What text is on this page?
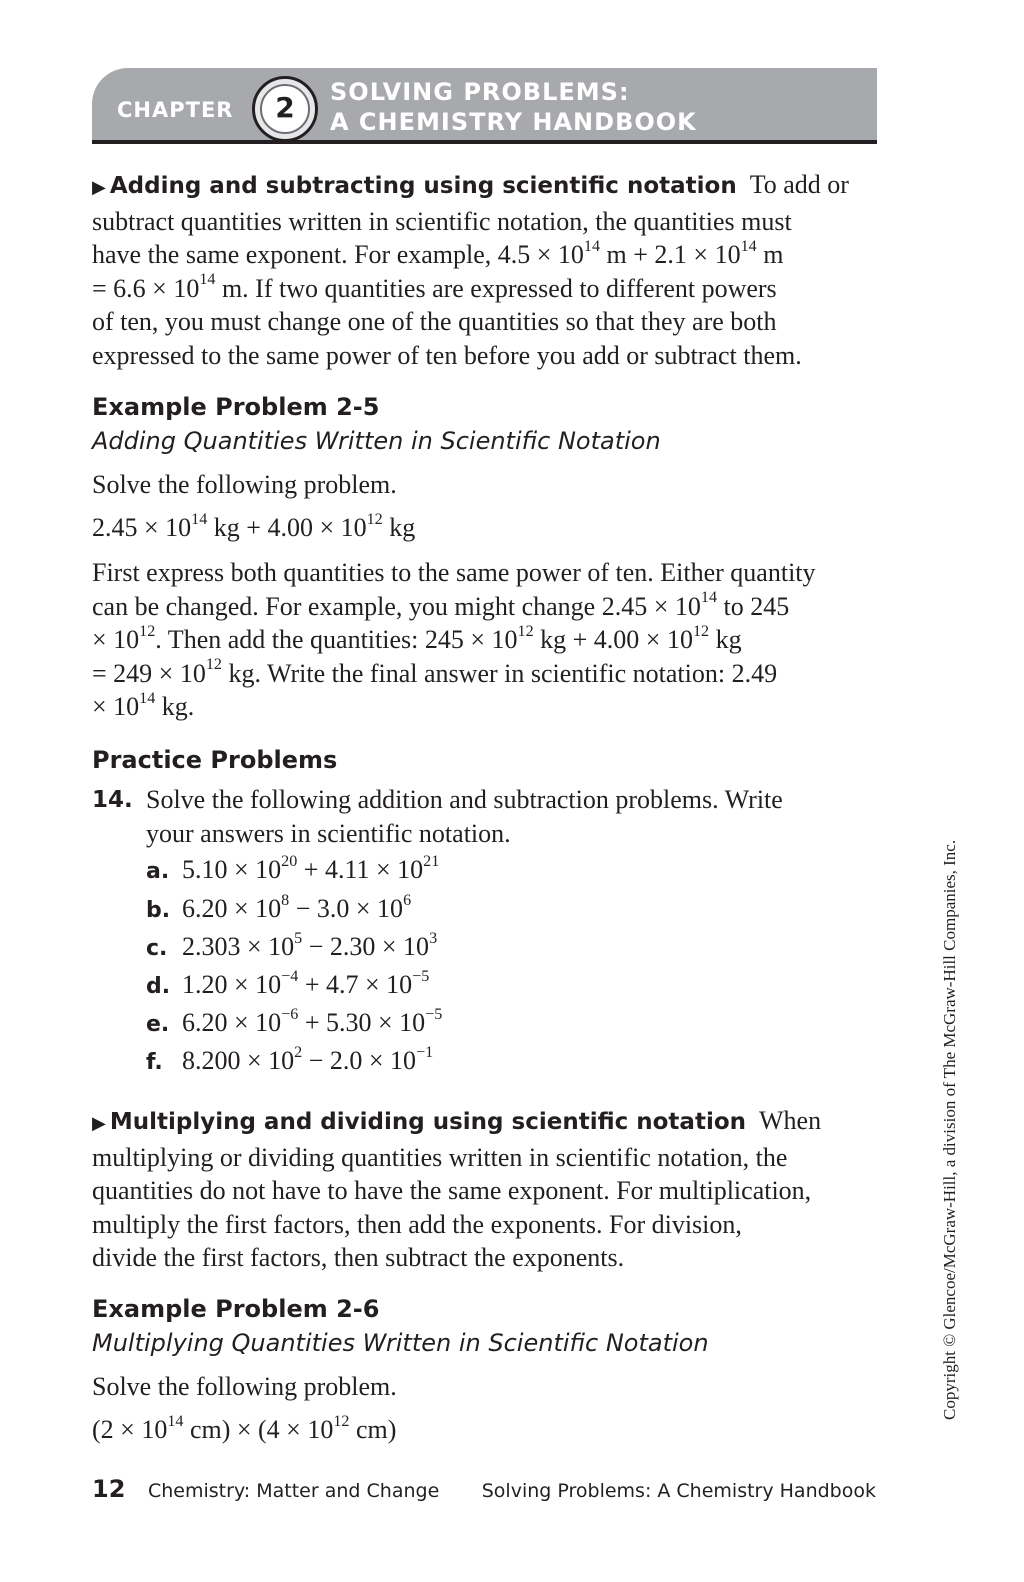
CHAPTER	2	SOLVING PROBLEMS:
A CHEMISTRY HANDBOOK
▶ Adding and subtracting using scientific notation To add or
subtract quantities written in scientific notation, the quantities must
have the same exponent. For example, $4.5 \times 10^{14}$ $m + 2.1 \times 10^{14}$ m
= $6.6 \times 10^{14}$ m. If two quantities are expressed to different powers
of ten, you must change one of the quantities so that they are both
expressed to the same power of ten before you add or subtract them.
Example Problem 2-5
Adding Quantities Written in Scientific Notation
Solve the following problem.
$2.45 \times 10^{14}$ kg + $4.00 \times 10^{12}$ kg
First express both quantities to the same power of ten. Either quantity
can be changed. For example, you might change $2.45 \times 10^{14}$ to 245
× $10^{12}$. Then add the quantities: $245 \times 10^{12}$ kg + $4.00 \times 10^{12}$ kg
= $249 \times 10^{12}$ kg. Write the final answer in scientific notation: 2.49
× $10^{14}$ kg.
Practice Problems
14. Solve the following addition and subtraction problems. Write
your answers in scientific notation.
a. $5.10 \times 10^{20} + 4.11 \times 10^{21}$
b. $6.20 \times 10^8 - 3.0 \times 10^6$
c. $2.303 \times 10^5 - 2.30 \times 10^3$
d. $1.20 \times 10^{-4} + 4.7 \times 10^{-5}$
e. $6.20 \times 10^{-6} + 5.30 \times 10^{-5}$
f. $8.200 \times 10^2 - 2.0 \times 10^{-1}$
▶ Multiplying and dividing using scientific notation When
multiplying or dividing quantities written in scientific notation, the
quantities do not have to have the same exponent. For multiplication,
multiply the first factors, then add the exponents. For division,
divide the first factors, then subtract the exponents.
Example Problem 2-6
Multiplying Quantities Written in Scientific Notation
Solve the following problem.
($2 \times 10^{14}$ $cm) \times (4 \times 10^{12}$ cm)
12 Chemistry: Matter and Change Solving Problems: A Chemistry Handbook
Copyright © Glencoe/McGraw-Hill, a division of The McGraw-Hill Companies, Inc.
